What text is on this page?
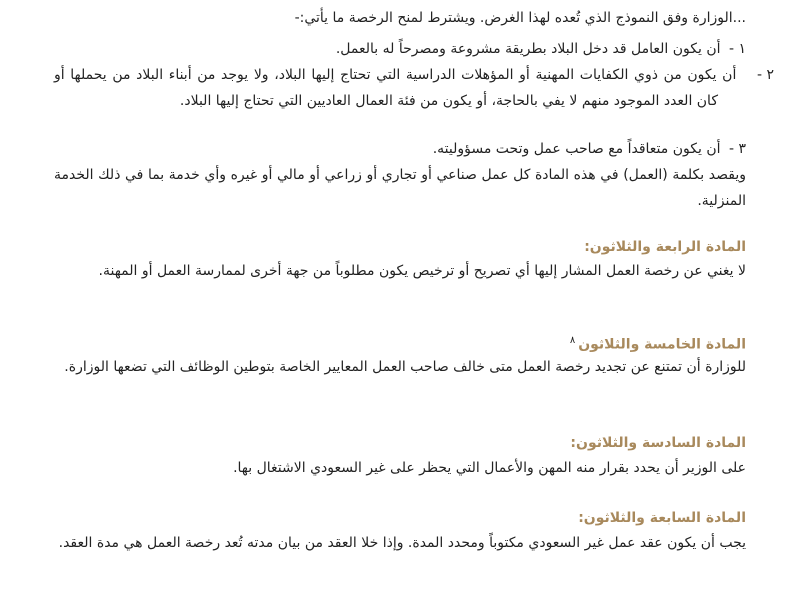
...الوزارة وفق النموذج الذي تُعده لهذا الغرض. ويشترط لمنح الرخصة ما يأتي:-

١ - أن يكون العامل قد دخل البلاد بطريقة مشروعة ومصرحاً له بالعمل.

٢ - أن يكون من ذوي الكفايات المهنية أو المؤهلات الدراسية التي تحتاج إليها البلاد، ولا يوجد من أبناء البلاد من يحملها أو كان العدد الموجود منهم لا يفي بالحاجة، أو يكون من فئة العمال العاديين التي تحتاج إليها البلاد.

٣ - أن يكون متعاقداً مع صاحب عمل وتحت مسؤوليته.

ويقصد بكلمة (العمل) في هذه المادة كل عمل صناعي أو تجاري أو زراعي أو مالي أو غيره وأي خدمة بما في ذلك الخدمة المنزلية.

المادة الرابعة والثلاثون:

لا يغني عن رخصة العمل المشار إليها أي تصريح أو ترخيص يكون مطلوباً من جهة أخرى لممارسة العمل أو المهنة.

المادة الخامسة والثلاثون$^٨$

للوزارة أن تمتنع عن تجديد رخصة العمل متى خالف صاحب العمل المعايير الخاصة بتوطين الوظائف التي تضعها الوزارة.

المادة السادسة والثلاثون:

على الوزير أن يحدد بقرار منه المهن والأعمال التي يحظر على غير السعودي الاشتغال بها.

المادة السابعة والثلاثون:

يجب أن يكون عقد عمل غير السعودي مكتوباً ومحدد المدة. وإذا خلا العقد من بيان مدته تُعد رخصة العمل هي مدة العقد.
